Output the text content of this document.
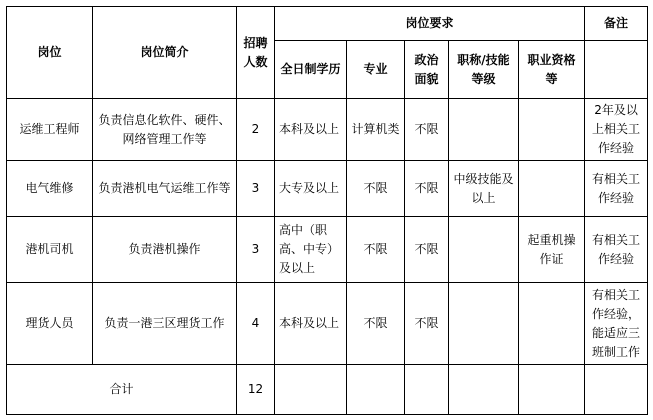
岗位	岗位简介	招聘人数	岗位要求					备注
			全日制学历	专业	政治面貌	职称/技能等级	职业资格等	
运维工程师	负责信息化软件、硬件、网络管理工作等	2	本科及以上	计算机类	不限			2年及以上相关工作经验
电气维修	负责港机电气运维工作等	3	大专及以上	不限	不限	中级技能及以上		有相关工作经验
港机司机	负责港机操作	3	高中（职高、中专）及以上	不限	不限		起重机操作证	有相关工作经验
理货人员	负责一港三区理货工作	4	本科及以上	不限	不限			有相关工作经验，能适应三班制工作
合计		12						
